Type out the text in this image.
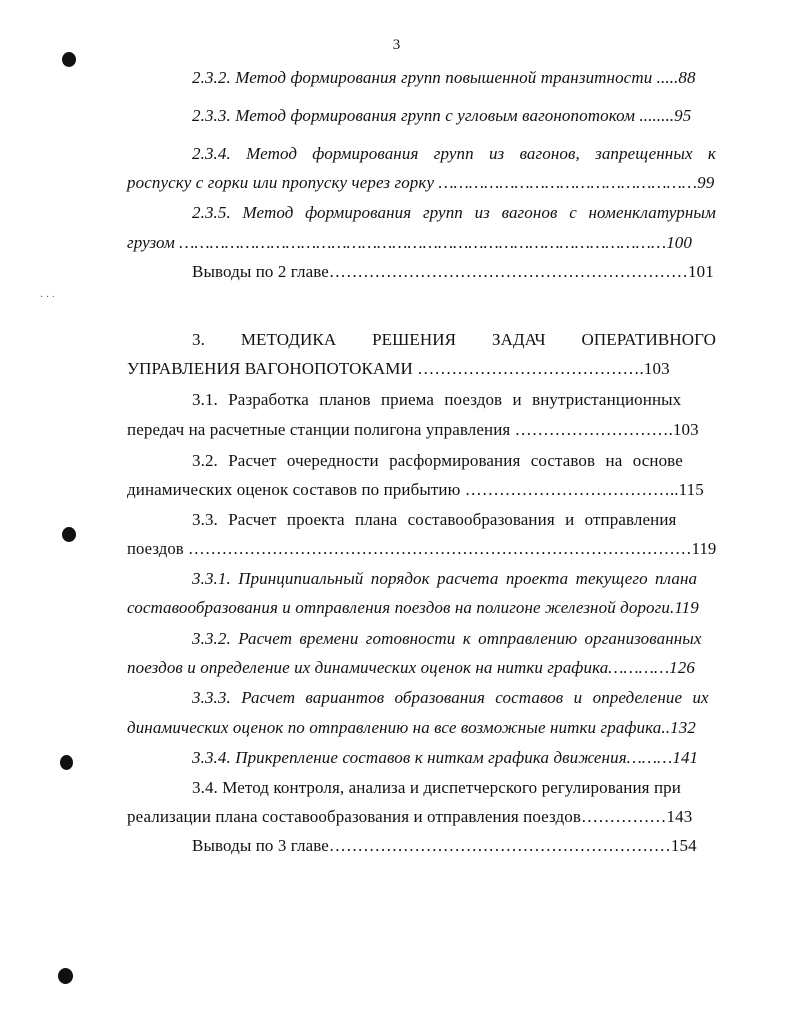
· · ·
3
2.3.2. Метод формирования групп повышенной транзитности .....88
2.3.3. Метод формирования групп с угловым вагонопотоком ........95
2.3.4. Метод формирования групп из вагонов, запрещенных к
роспуску с горки или пропуску через горку ……………………………………………99
2.3.5. Метод формирования групп из вагонов с номенклатурным
грузом ……………………………………………………………………………………100
Выводы по 2 главе………………………………………………………101
3. МЕТОДИКА РЕШЕНИЯ ЗАДАЧ ОПЕРАТИВНОГО
УПРАВЛЕНИЯ ВАГОНОПОТОКАМИ ………………………………….103
3.1. Разработка планов приема поездов и внутристанционных
передач на расчетные станции полигона управления ……………………….103
3.2. Расчет очередности расформирования составов на основе
динамических оценок составов по прибытию ………………………………..115
3.3. Расчет проекта плана составообразования и отправления
поездов ………………………………………………………………………………119
3.3.1. Принципиальный порядок расчета проекта текущего плана
составообразования и отправления поездов на полигоне железной дороги.119
3.3.2. Расчет времени готовности к отправлению организованных
поездов и определение их динамических оценок на нитки графика…………126
3.3.3. Расчет вариантов образования составов и определение их
динамических оценок по отправлению на все возможные нитки графика..132
3.3.4. Прикрепление составов к ниткам графика движения………141
3.4. Метод контроля, анализа и диспетчерского регулирования при
реализации плана составообразования и отправления поездов……………143
Выводы по 3 главе……………………………………………………154
